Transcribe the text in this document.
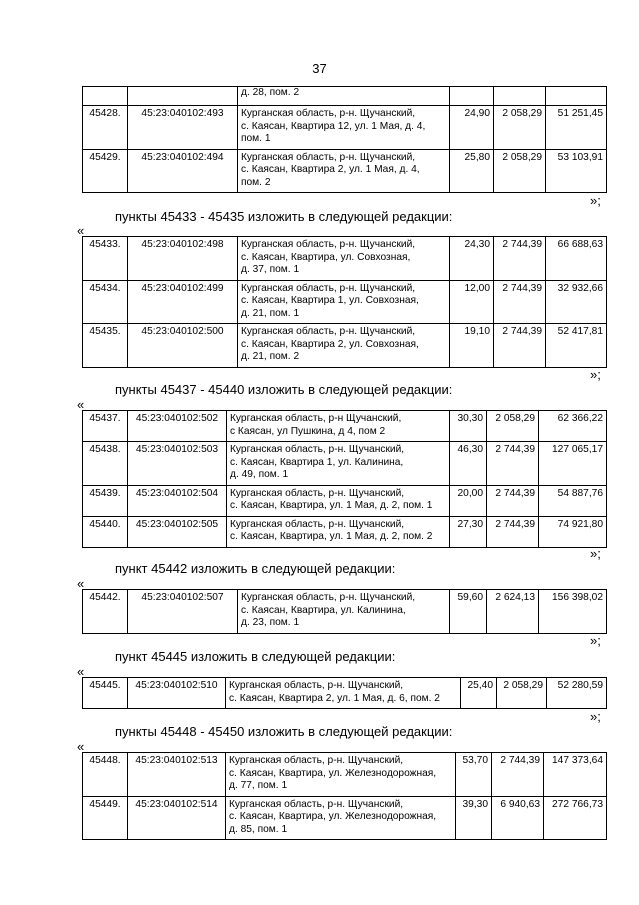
37
		д. 28, пом. 2			
45428.	45:23:040102:493	Курганская область, р-н. Щучанский,
с. Каясан, Квартира 12, ул. 1 Мая, д. 4,
пом. 1	24,90	2 058,29	51 251,45
45429.	45:23:040102:494	Курганская область, р-н. Щучанский,
с. Каясан, Квартира 2, ул. 1 Мая, д. 4,
пом. 2	25,80	2 058,29	53 103,91
»;
пункты 45433 - 45435 изложить в следующей редакции:
«
45433.	45:23:040102:498	Курганская область, р-н. Щучанский,
с. Каясан, Квартира, ул. Совхозная,
д. 37, пом. 1	24,30	2 744,39	66 688,63
45434.	45:23:040102:499	Курганская область, р-н. Щучанский,
с. Каясан, Квартира 1, ул. Совхозная,
д. 21, пом. 1	12,00	2 744,39	32 932,66
45435.	45:23:040102:500	Курганская область, р-н. Щучанский,
с. Каясан, Квартира 2, ул. Совхозная,
д. 21, пом. 2	19,10	2 744,39	52 417,81
»;
пункты 45437 - 45440 изложить в следующей редакции:
«
45437.	45:23:040102:502	Курганская область, р-н Щучанский,
с Каясан, ул Пушкина, д 4, пом 2	30,30	2 058,29	62 366,22
45438.	45:23:040102:503	Курганская область, р-н. Щучанский,
с. Каясан, Квартира 1, ул. Калинина,
д. 49, пом. 1	46,30	2 744,39	127 065,17
45439.	45:23:040102:504	Курганская область, р-н. Щучанский,
с. Каясан, Квартира, ул. 1 Мая, д. 2, пом. 1	20,00	2 744,39	54 887,76
45440.	45:23:040102:505	Курганская область, р-н. Щучанский,
с. Каясан, Квартира, ул. 1 Мая, д. 2, пом. 2	27,30	2 744,39	74 921,80
»;
пункт 45442 изложить в следующей редакции:
«
45442.	45:23:040102:507	Курганская область, р-н. Щучанский,
с. Каясан, Квартира, ул. Калинина,
д. 23, пом. 1	59,60	2 624,13	156 398,02
»;
пункт 45445 изложить в следующей редакции:
«
45445.	45:23:040102:510	Курганская область, р-н. Щучанский,
с. Каясан, Квартира 2, ул. 1 Мая, д. 6, пом. 2	25,40	2 058,29	52 280,59
»;
пункты 45448 - 45450 изложить в следующей редакции:
«
45448.	45:23:040102:513	Курганская область, р-н. Щучанский,
с. Каясан, Квартира, ул. Железнодорожная,
д. 77, пом. 1	53,70	2 744,39	147 373,64
45449.	45:23:040102:514	Курганская область, р-н. Щучанский,
с. Каясан, Квартира, ул. Железнодорожная,
д. 85, пом. 1	39,30	6 940,63	272 766,73
